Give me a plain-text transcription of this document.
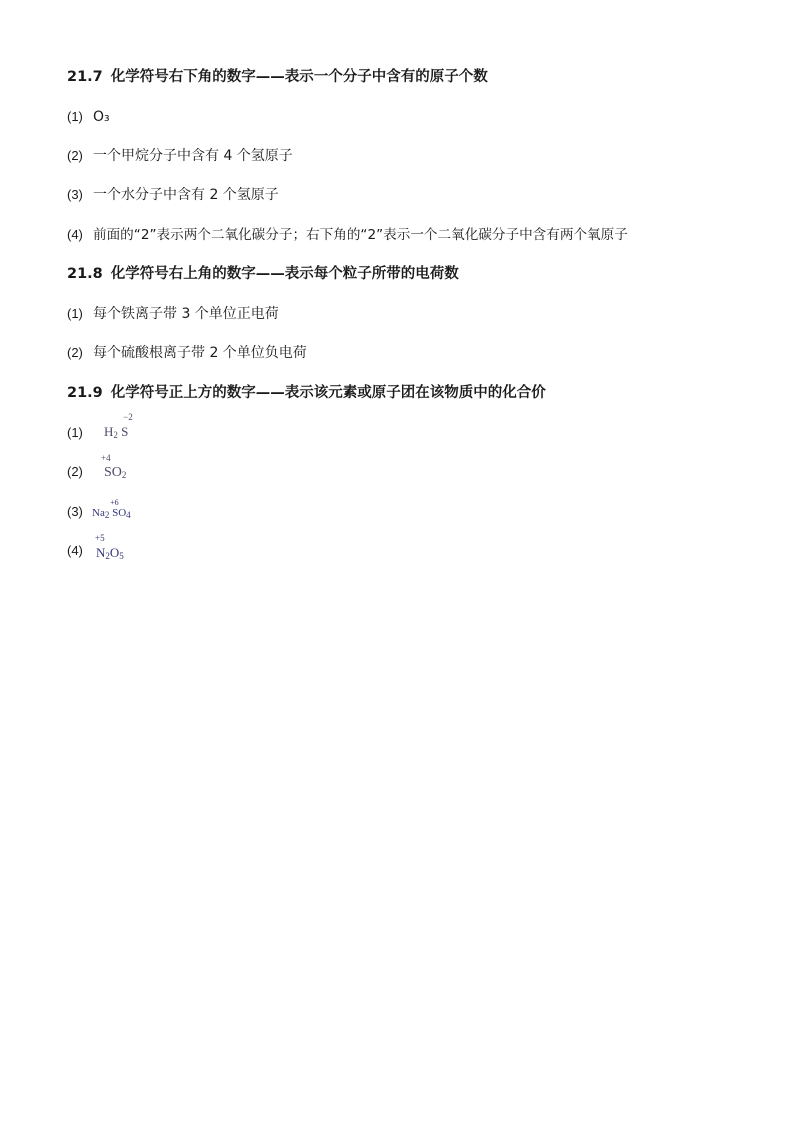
21.7 化学符号右下角的数字——表示一个分子中含有的原子个数
(1) O₃
(2) 一个甲烷分子中含有 4 个氢原子
(3) 一个水分子中含有 2 个氢原子
(4) 前面的“2”表示两个二氧化碳分子；右下角的“2”表示一个二氧化碳分子中含有两个氧原子
21.8 化学符号右上角的数字——表示每个粒子所带的电荷数
(1) 每个铁离子带 3 个单位正电荷
(2) 每个硫酸根离子带 2 个单位负电荷
21.9 化学符号正上方的数字——表示该元素或原子团在该物质中的化合价
(1)	$H_2$
−2
S
(2)
+4
$SO_2$
(3) $Na_2$
+6
$SO_4$
(4)
+5
$N_2O_5$
